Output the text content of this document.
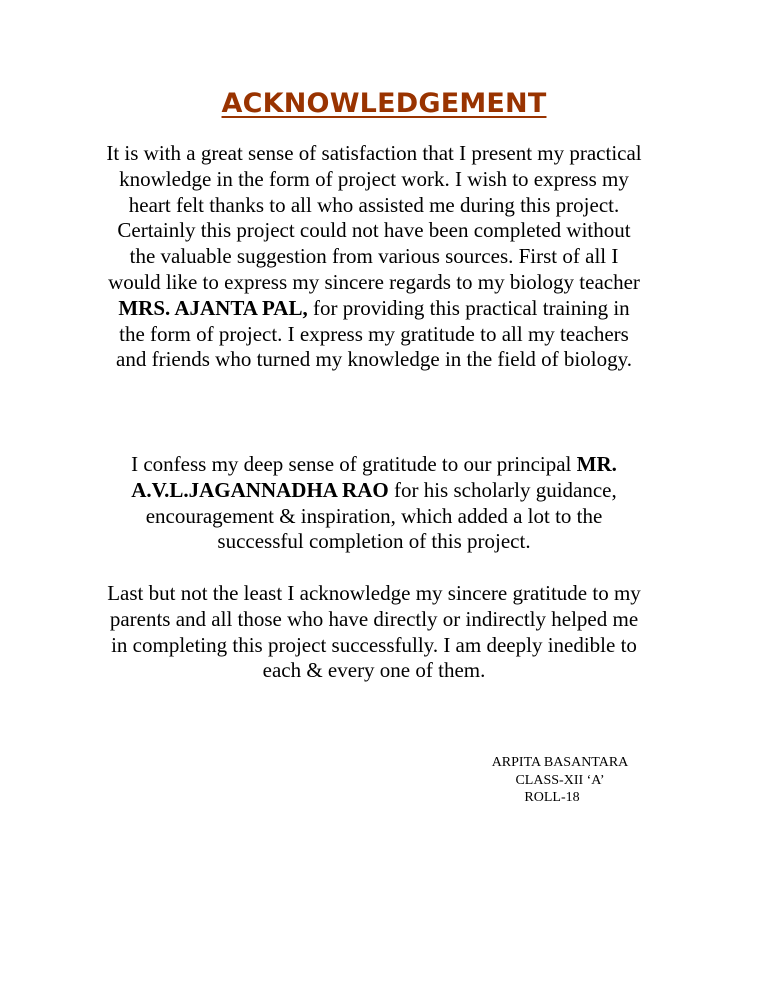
ACKNOWLEDGEMENT

It is with a great sense of satisfaction that I present my practical knowledge in the form of project work. I wish to express my heart felt thanks to all who assisted me during this project. Certainly this project could not have been completed without the valuable suggestion from various sources. First of all I would like to express my sincere regards to my biology teacher MRS. AJANTA PAL, for providing this practical training in the form of project. I express my gratitude to all my teachers and friends who turned my knowledge in the field of biology.

I confess my deep sense of gratitude to our principal MR. A.V.L.JAGANNADHA RAO for his scholarly guidance, encouragement & inspiration, which added a lot to the successful completion of this project.

Last but not the least I acknowledge my sincere gratitude to my parents and all those who have directly or indirectly helped me in completing this project successfully. I am deeply inedible to each & every one of them.

ARPITA BASANTARA
CLASS-XII ‘A’
ROLL-18
